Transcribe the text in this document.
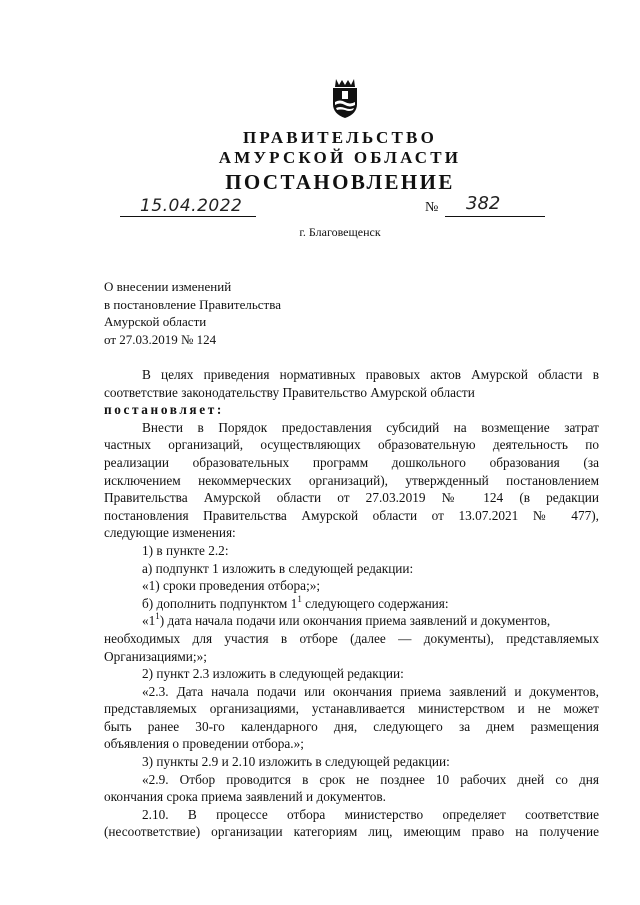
ПРАВИТЕЛЬСТВО
АМУРСКОЙ ОБЛАСТИ
ПОСТАНОВЛЕНИЕ
15.04.2022	№ 382
г. Благовещенск
О внесении изменений
в постановление Правительства
Амурской области
от 27.03.2019 № 124
В целях приведения нормативных правовых актов Амурской области в
соответствие законодательству Правительство Амурской области
постановляет:
Внести в Порядок предоставления субсидий на возмещение затрат
частных организаций, осуществляющих образовательную деятельность по
реализации образовательных программ дошкольного образования (за
исключением некоммерческих организаций), утвержденный постановлением
Правительства Амурской области от 27.03.2019 № 124 (в редакции
постановления Правительства Амурской области от 13.07.2021 № 477),
следующие изменения:
1) в пункте 2.2:
а) подпункт 1 изложить в следующей редакции:
«1) сроки проведения отбора;»;
б) дополнить подпунктом $1^1$ следующего содержания:
«$1^1$) дата начала подачи или окончания приема заявлений и документов,
необходимых для участия в отборе (далее — документы), представляемых
Организациями;»;
2) пункт 2.3 изложить в следующей редакции:
«2.3. Дата начала подачи или окончания приема заявлений и документов,
представляемых организациями, устанавливается министерством и не может
быть ранее 30-го календарного дня, следующего за днем размещения
объявления о проведении отбора.»;
3) пункты 2.9 и 2.10 изложить в следующей редакции:
«2.9. Отбор проводится в срок не позднее 10 рабочих дней со дня
окончания срока приема заявлений и документов.
2.10. В процессе отбора министерство определяет соответствие
(несоответствие) организации категориям лиц, имеющим право на получение
